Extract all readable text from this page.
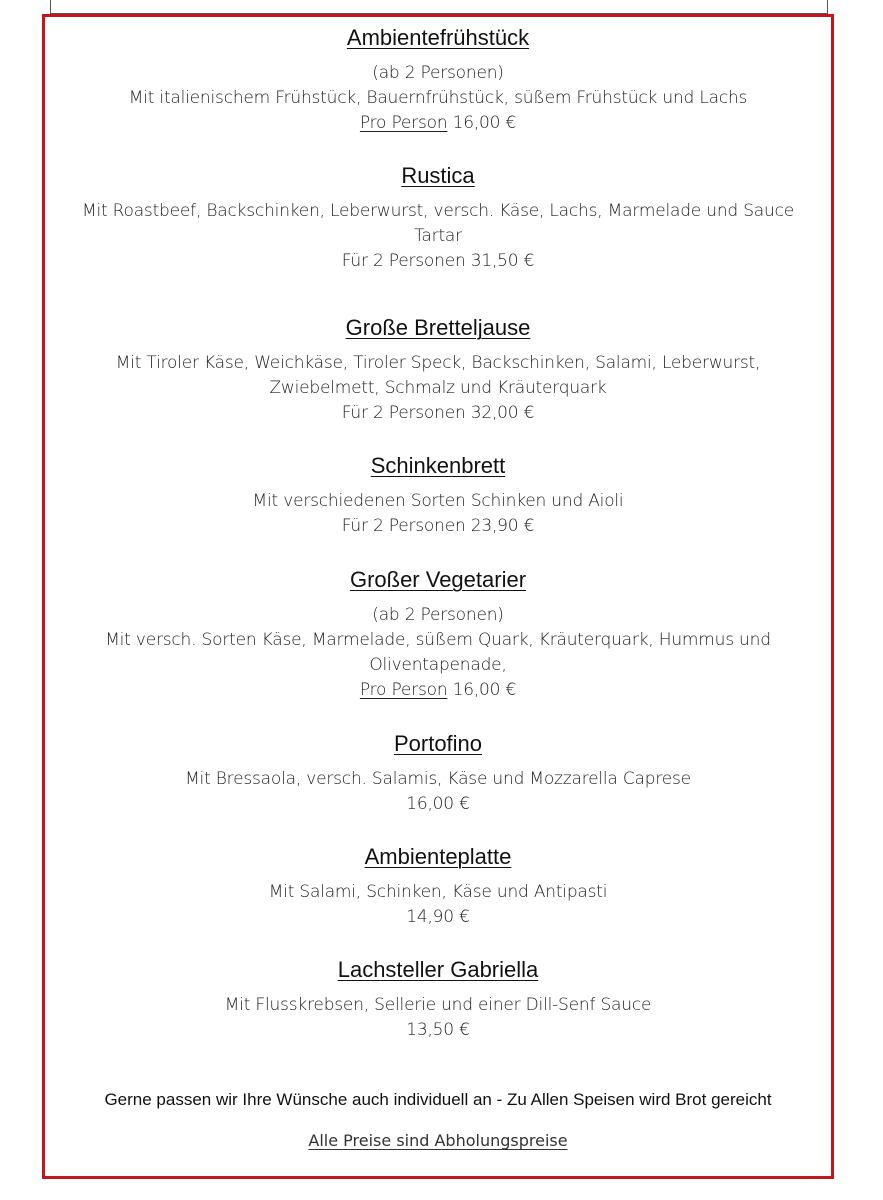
Ambientefrühstück
(ab 2 Personen)
Mit italienischem Frühstück, Bauernfrühstück, süßem Frühstück und Lachs
Pro Person 16,00 €
Rustica
Mit Roastbeef, Backschinken, Leberwurst, versch. Käse, Lachs, Marmelade und Sauce
Tartar
Für 2 Personen 31,50 €
Große Bretteljause
Mit Tiroler Käse, Weichkäse, Tiroler Speck, Backschinken, Salami, Leberwurst,
Zwiebelmett, Schmalz und Kräuterquark
Für 2 Personen 32,00 €
Schinkenbrett
Mit verschiedenen Sorten Schinken und Aioli
Für 2 Personen 23,90 €
Großer Vegetarier
(ab 2 Personen)
Mit versch. Sorten Käse, Marmelade, süßem Quark, Kräuterquark, Hummus und
Oliventapenade,
Pro Person 16,00 €
Portofino
Mit Bressaola, versch. Salamis, Käse und Mozzarella Caprese
16,00 €
Ambienteplatte
Mit Salami, Schinken, Käse und Antipasti
14,90 €
Lachsteller Gabriella
Mit Flusskrebsen, Sellerie und einer Dill-Senf Sauce
13,50 €
Gerne passen wir Ihre Wünsche auch individuell an - Zu Allen Speisen wird Brot gereicht
Alle Preise sind Abholungspreise
